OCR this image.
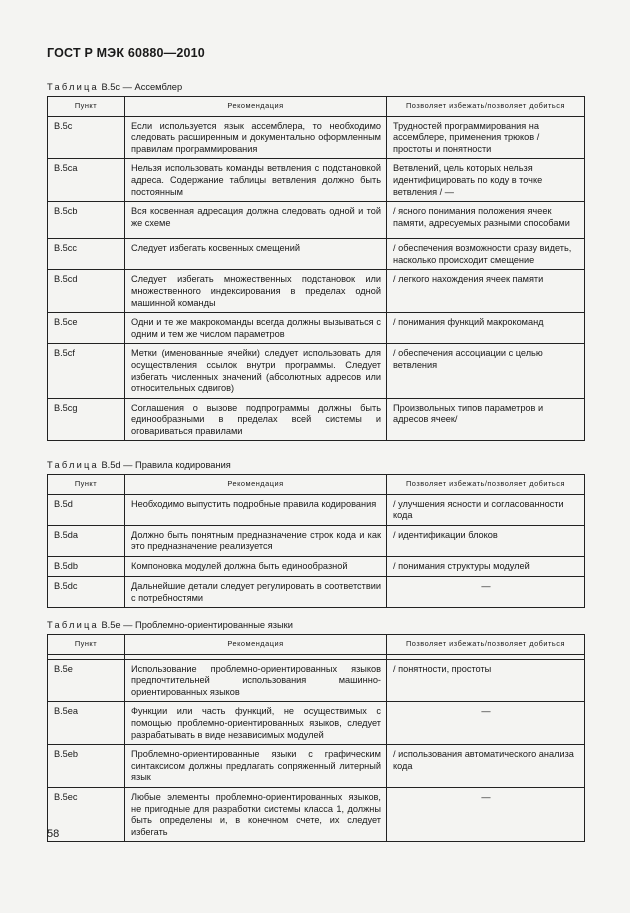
ГОСТ Р МЭК 60880—2010
Таблица B.5c — Ассемблер
Пункт	Рекомендация	Позволяет избежать/позволяет добиться
B.5c	Если используется язык ассемблера, то необходимо следовать расширенным и документально оформленным правилам программирования	Трудностей программирования на ассемблере, применения трюков / простоты и понятности
B.5ca	Нельзя использовать команды ветвления с подстановкой адреса. Содержание таблицы ветвления должно быть постоянным	Ветвлений, цель которых нельзя идентифицировать по коду в точке ветвления / —
B.5cb	Вся косвенная адресация должна следовать одной и той же схеме	/ ясного понимания положения ячеек памяти, адресуемых разными способами
B.5cc	Следует избегать косвенных смещений	/ обеспечения возможности сразу видеть, насколько происходит смещение
B.5cd	Следует избегать множественных подстановок или множественного индексирования в пределах одной машинной команды	/ легкого нахождения ячеек памяти
B.5ce	Одни и те же макрокоманды всегда должны вызываться с одним и тем же числом параметров	/ понимания функций макрокоманд
B.5cf	Метки (именованные ячейки) следует использовать для осуществления ссылок внутри программы. Следует избегать численных значений (абсолютных адресов или относительных сдвигов)	/ обеспечения ассоциации с целью ветвления
B.5cg	Соглашения о вызове подпрограммы должны быть единообразными в пределах всей системы и оговариваться правилами	Произвольных типов параметров и адресов ячеек/
Таблица B.5d — Правила кодирования
Пункт	Рекомендация	Позволяет избежать/позволяет добиться
B.5d	Необходимо выпустить подробные правила кодирования	/ улучшения ясности и согласованности кода
B.5da	Должно быть понятным предназначение строк кода и как это предназначение реализуется	/ идентификации блоков
B.5db	Компоновка модулей должна быть единообразной	/ понимания структуры модулей
B.5dc	Дальнейшие детали следует регулировать в соответствии с потребностями	—
Таблица B.5e — Проблемно-ориентированные языки
Пункт	Рекомендация	Позволяет избежать/позволяет добиться

B.5e	Использование проблемно-ориентированных языков предпочтительней использования машинно-ориентированных языков	/ понятности, простоты
B.5ea	Функции или часть функций, не осуществимых с помощью проблемно-ориентированных языков, следует разрабатывать в виде независимых модулей	—
B.5eb	Проблемно-ориентированные языки с графическим синтаксисом должны предлагать сопряженный литерный язык	/ использования автоматического анализа кода
B.5ec	Любые элементы проблемно-ориентированных языков, не пригодные для разработки системы класса 1, должны быть определены и, в конечном счете, их следует избегать	—
58
